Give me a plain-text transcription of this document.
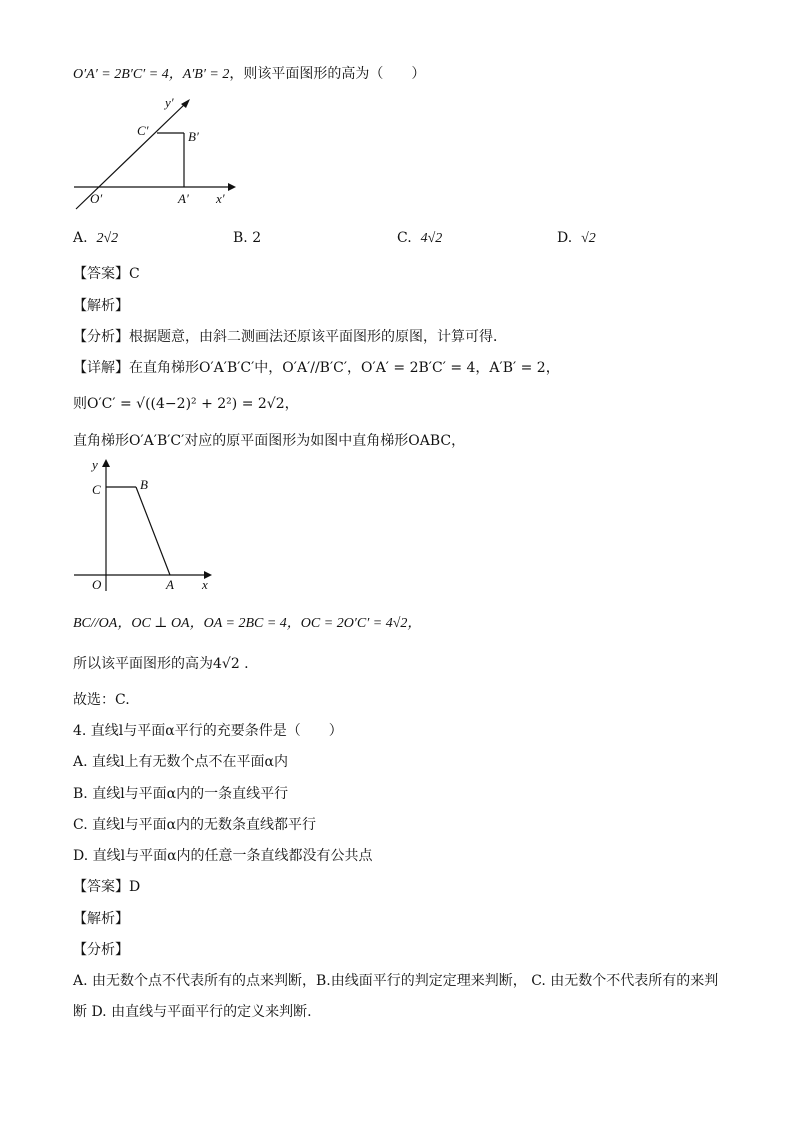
O′A′ = 2B′C′ = 4，A′B′ = 2，则该平面图形的高为（　　）
y′
C′	B′
O′	A′ x′
A. 2√2	B. 2	C. 4√2	D. √2
【答案】C
【解析】
【分析】根据题意，由斜二测画法还原该平面图形的原图，计算可得．
【详解】在直角梯形O′A′B′C′中，O′A′//B′C′，O′A′ = 2B′C′ = 4，A′B′ = 2，
则O′C′ = √((4−2)² + 2²) = 2√2，
直角梯形O′A′B′C′对应的原平面图形为如图中直角梯形OABC，
y
C	B
O	A x
BC//OA，OC ⊥ OA，OA = 2BC = 4，OC = 2O′C′ = 4√2，
所以该平面图形的高为4√2 .
故选：C.
4. 直线l与平面α平行的充要条件是（　　）
A. 直线l上有无数个点不在平面α内
B. 直线l与平面α内的一条直线平行
C. 直线l与平面α内的无数条直线都平行
D. 直线l与平面α内的任意一条直线都没有公共点
【答案】D
【解析】
【分析】
A. 由无数个点不代表所有的点来判断，B.由线面平行的判定定理来判断， C. 由无数个不代表所有的来判
断 D. 由直线与平面平行的定义来判断.
